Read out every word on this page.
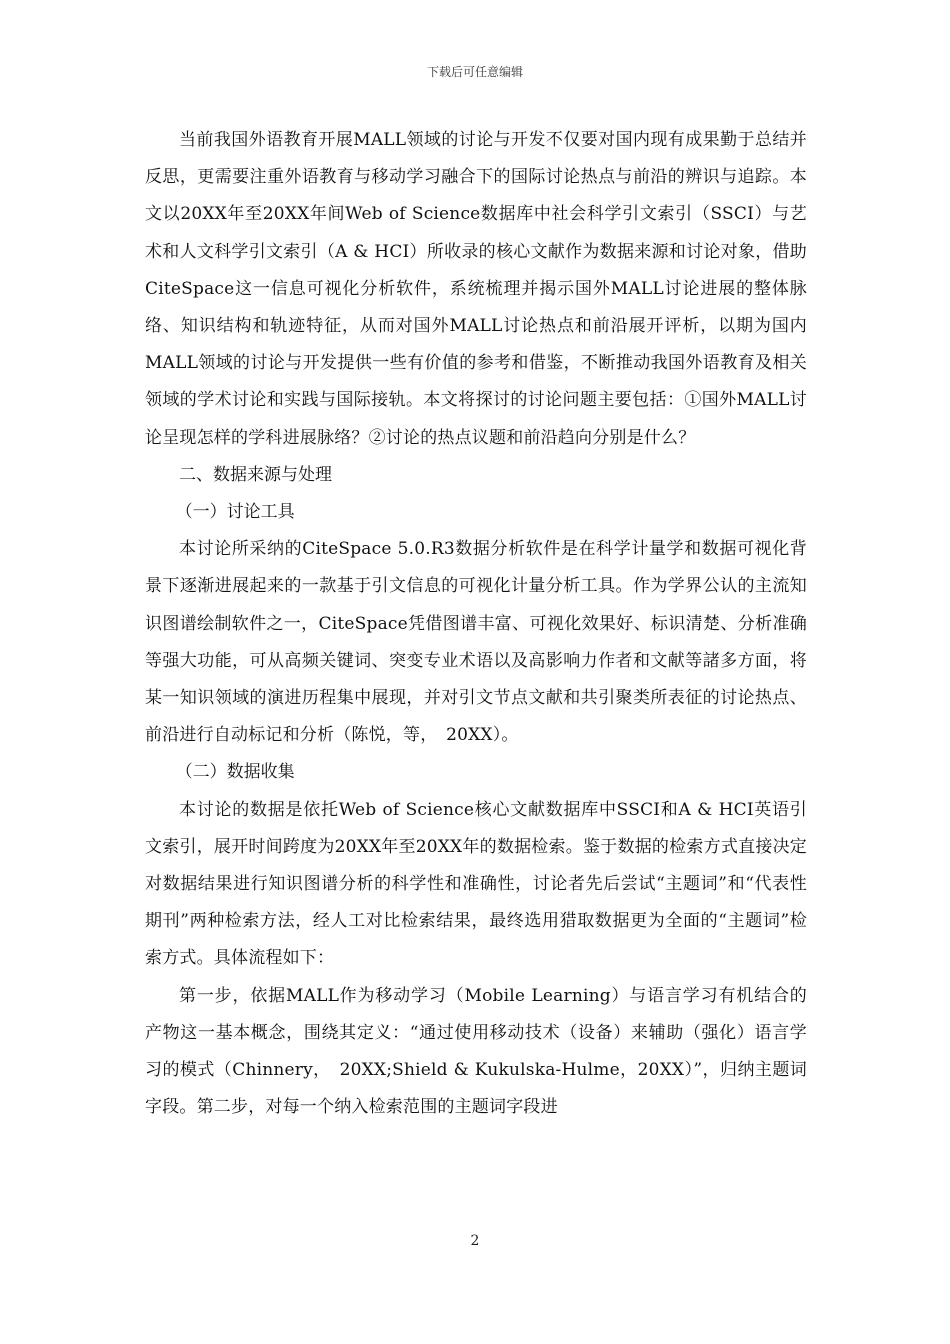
下载后可任意编辑

当前我国外语教育开展MALL领域的讨论与开发不仅要对国内现有成果勤于总结并反思，更需要注重外语教育与移动学习融合下的国际讨论热点与前沿的辨识与追踪。本文以20XX年至20XX年间Web of Science数据库中社会科学引文索引（SSCI）与艺术和人文科学引文索引（A & HCI）所收录的核心文献作为数据来源和讨论对象，借助CiteSpace这一信息可视化分析软件，系统梳理并揭示国外MALL讨论进展的整体脉络、知识结构和轨迹特征，从而对国外MALL讨论热点和前沿展开评析，以期为国内MALL领域的讨论与开发提供一些有价值的参考和借鉴，不断推动我国外语教育及相关领域的学术讨论和实践与国际接轨。本文将探讨的讨论问题主要包括：①国外MALL讨论呈现怎样的学科进展脉络？②讨论的热点议题和前沿趋向分别是什么？

二、数据来源与处理

（一）讨论工具

本讨论所采纳的CiteSpace 5.0.R3数据分析软件是在科学计量学和数据可视化背景下逐渐进展起来的一款基于引文信息的可视化计量分析工具。作为学界公认的主流知识图谱绘制软件之一，CiteSpace凭借图谱丰富、可视化效果好、标识清楚、分析准确等强大功能，可从高频关键词、突变专业术语以及高影响力作者和文献等諸多方面，将某一知识领域的演进历程集中展现，并对引文节点文献和共引聚类所表征的讨论热点、前沿进行自动标记和分析（陈悦，等，　20XX）。

（二）数据收集

本讨论的数据是依托Web of Science核心文献数据库中SSCI和A & HCI英语引文索引，展开时间跨度为20XX年至20XX年的数据检索。鉴于数据的检索方式直接决定对数据结果进行知识图谱分析的科学性和准确性，讨论者先后尝试“主题词”和“代表性期刊”两种检索方法，经人工对比检索结果，最终选用猎取数据更为全面的“主题词”检索方式。具体流程如下：

第一步，依据MALL作为移动学习（Mobile Learning）与语言学习有机结合的产物这一基本概念，围绕其定义：“通过使用移动技术（设备）来辅助（强化）语言学习的模式（Chinnery，　20XX;Shield & Kukulska-Hulme，20XX）”，归纳主题词字段。第二步，对每一个纳入检索范围的主题词字段进

2
